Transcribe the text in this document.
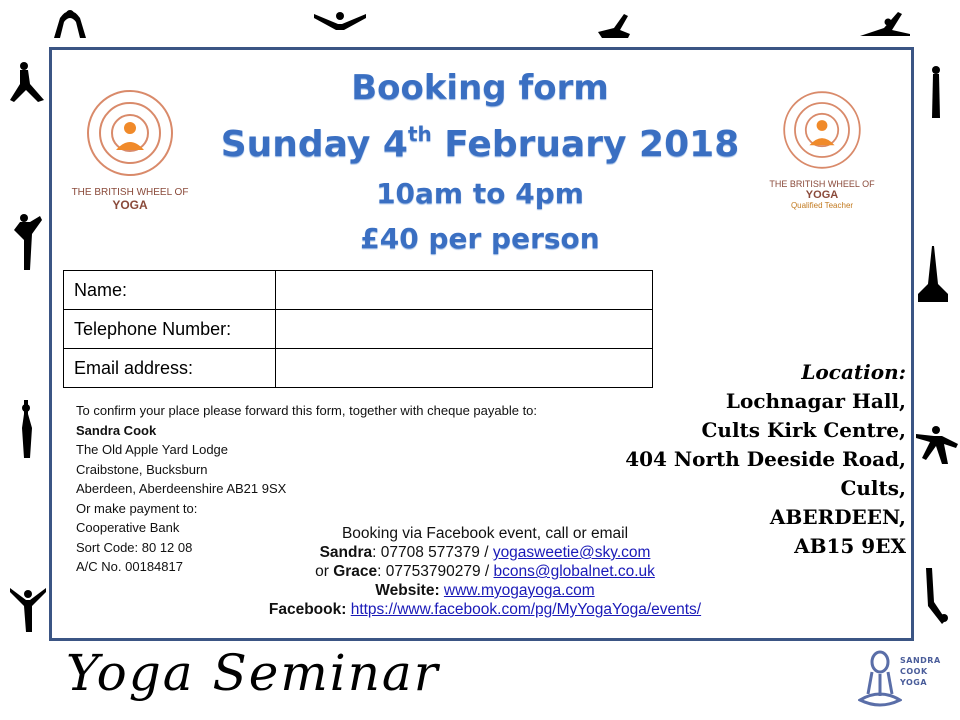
THE BRITISH WHEEL OF
YOGA
THE BRITISH WHEEL OF
YOGA
Qualified Teacher
Booking form
Sunday 4th February 2018
10am to 4pm
£40 per person
Name:	
Telephone Number:	
Email address:	
To confirm your place please forward this form, together with cheque payable to:
Sandra Cook
The Old Apple Yard Lodge
Craibstone, Bucksburn
Aberdeen, Aberdeenshire AB21 9SX
Or make payment to:
Cooperative Bank
Sort Code: 80 12 08
A/C No. 00184817
Booking via Facebook event, call or email
Sandra: 07708 577379 / yogasweetie@sky.com
or Grace: 07753790279 / bcons@globalnet.co.uk
Website: www.myogayoga.com
Facebook: https://www.facebook.com/pg/MyYogaYoga/events/
Location:
Lochnagar Hall,
Cults Kirk Centre,
404 North Deeside Road,
Cults,
ABERDEEN,
AB15 9EX
Yoga Seminar	SANDRA
COOK
YOGA
